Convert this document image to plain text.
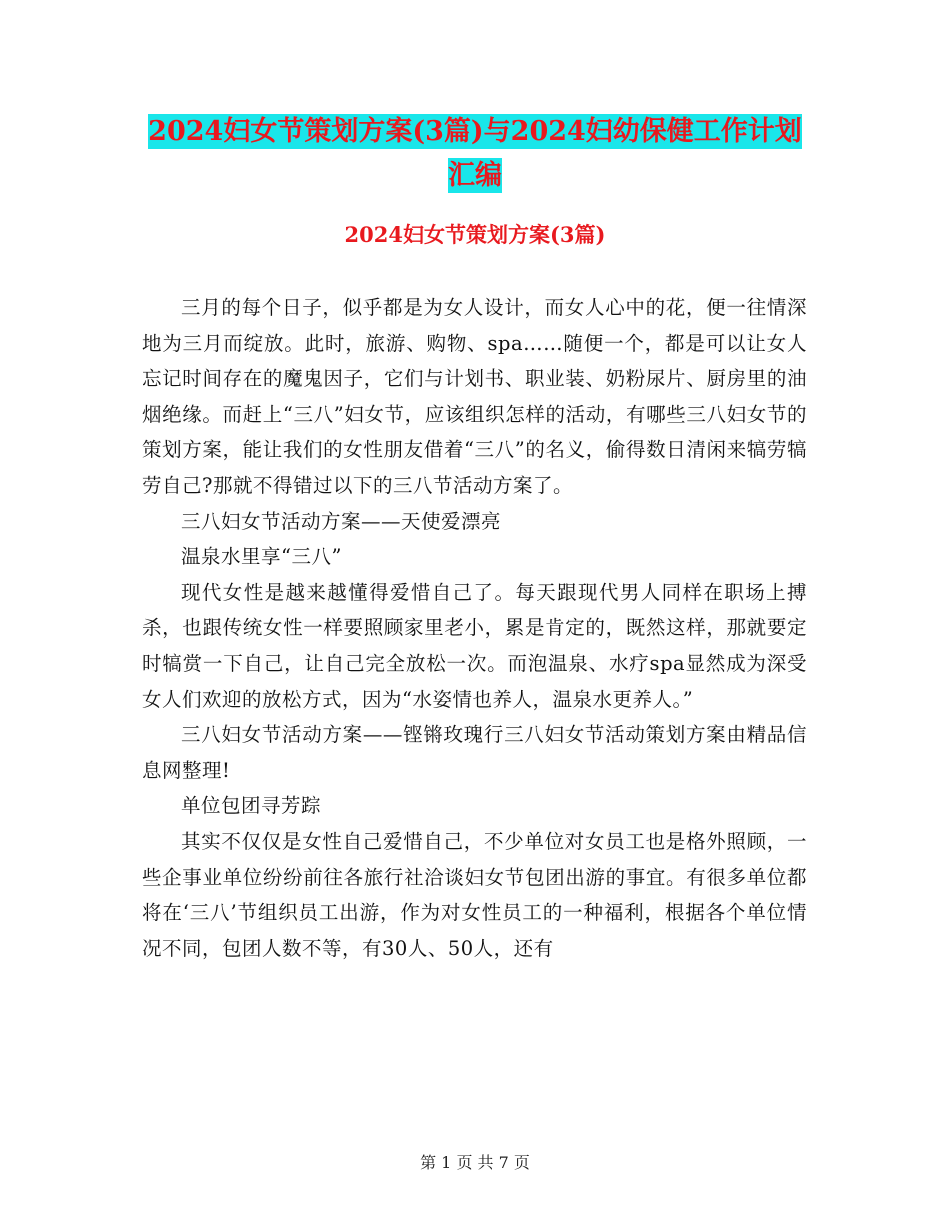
2024妇女节策划方案(3篇)与2024妇幼保健工作计划汇编
2024妇女节策划方案(3篇)

三月的每个日子，似乎都是为女人设计，而女人心中的花，便一往情深地为三月而绽放。此时，旅游、购物、spa……随便一个，都是可以让女人忘记时间存在的魔鬼因子，它们与计划书、职业装、奶粉尿片、厨房里的油烟绝缘。而赶上“三八”妇女节，应该组织怎样的活动，有哪些三八妇女节的策划方案，能让我们的女性朋友借着“三八”的名义，偷得数日清闲来犒劳犒劳自己?那就不得错过以下的三八节活动方案了。

三八妇女节活动方案——天使爱漂亮

温泉水里享“三八”

现代女性是越来越懂得爱惜自己了。每天跟现代男人同样在职场上搏杀，也跟传统女性一样要照顾家里老小，累是肯定的，既然这样，那就要定时犒赏一下自己，让自己完全放松一次。而泡温泉、水疗spa显然成为深受女人们欢迎的放松方式，因为“水姿情也养人，温泉水更养人。”

三八妇女节活动方案——铿锵玫瑰行三八妇女节活动策划方案由精品信息网整理!

单位包团寻芳踪

其实不仅仅是女性自己爱惜自己，不少单位对女员工也是格外照顾，一些企事业单位纷纷前往各旅行社洽谈妇女节包团出游的事宜。有很多单位都将在‘三八’节组织员工出游，作为对女性员工的一种福利，根据各个单位情况不同，包团人数不等，有30人、50人，还有

第 1 页 共 7 页
